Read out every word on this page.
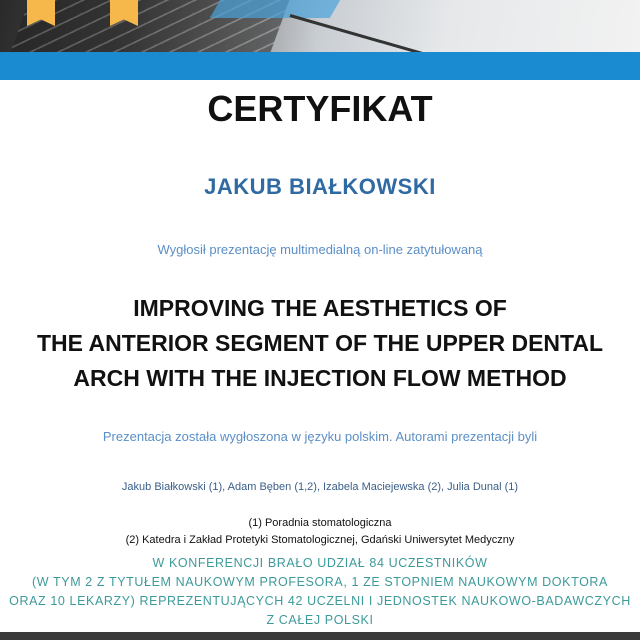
CERTYFIKAT
JAKUB BIAŁKOWSKI
Wygłosił prezentację multimedialną on-line zatytułowaną
IMPROVING THE AESTHETICS OF
THE ANTERIOR SEGMENT OF THE UPPER DENTAL
ARCH WITH THE INJECTION FLOW METHOD
Prezentacja została wygłoszona w języku polskim. Autorami prezentacji byli
Jakub Białkowski (1), Adam Bęben (1,2), Izabela Maciejewska (2), Julia Dunal (1)
(1) Poradnia stomatologiczna
(2) Katedra i Zakład Protetyki Stomatologicznej, Gdański Uniwersytet Medyczny
W KONFERENCJI BRAŁO UDZIAŁ 84 UCZESTNIKÓW
(W TYM 2 Z TYTUŁEM NAUKOWYM PROFESORA, 1 ZE STOPNIEM NAUKOWYM DOKTORA
ORAZ 10 LEKARZY) REPREZENTUJĄCYCH 42 UCZELNI I JEDNOSTEK NAUKOWO-BADAWCZYCH
Z CAŁEJ POLSKI
